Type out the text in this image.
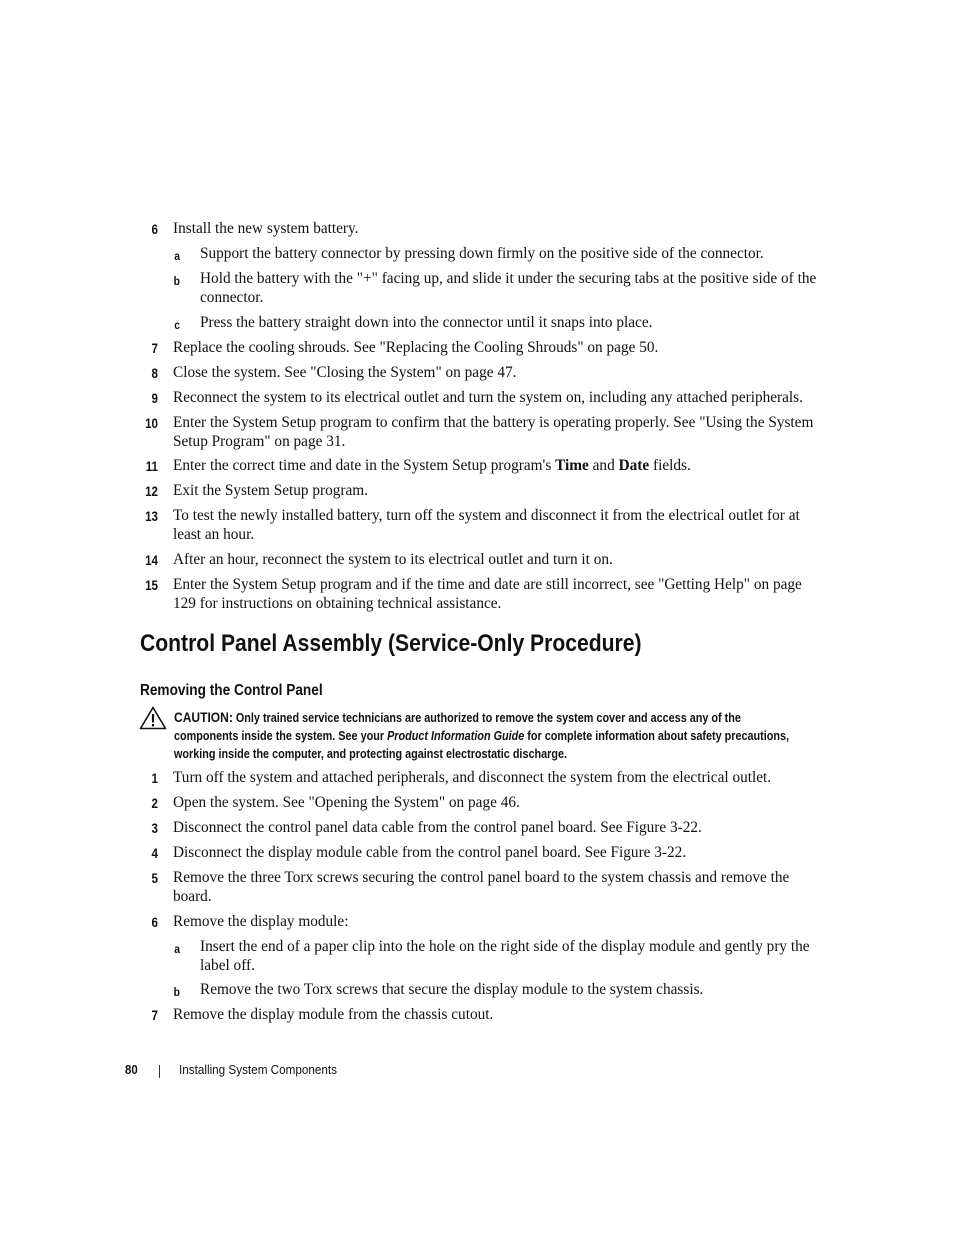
6 Install the new system battery.
a Support the battery connector by pressing down firmly on the positive side of the connector.
b Hold the battery with the "+" facing up, and slide it under the securing tabs at the positive side of the connector.
c Press the battery straight down into the connector until it snaps into place.
7 Replace the cooling shrouds. See "Replacing the Cooling Shrouds" on page 50.
8 Close the system. See "Closing the System" on page 47.
9 Reconnect the system to its electrical outlet and turn the system on, including any attached peripherals.
10 Enter the System Setup program to confirm that the battery is operating properly. See "Using the System Setup Program" on page 31.
11 Enter the correct time and date in the System Setup program's Time and Date fields.
12 Exit the System Setup program.
13 To test the newly installed battery, turn off the system and disconnect it from the electrical outlet for at least an hour.
14 After an hour, reconnect the system to its electrical outlet and turn it on.
15 Enter the System Setup program and if the time and date are still incorrect, see "Getting Help" on page 129 for instructions on obtaining technical assistance.
Control Panel Assembly (Service-Only Procedure)
Removing the Control Panel
CAUTION: Only trained service technicians are authorized to remove the system cover and access any of the components inside the system. See your Product Information Guide for complete information about safety precautions, working inside the computer, and protecting against electrostatic discharge.
1 Turn off the system and attached peripherals, and disconnect the system from the electrical outlet.
2 Open the system. See "Opening the System" on page 46.
3 Disconnect the control panel data cable from the control panel board. See Figure 3-22.
4 Disconnect the display module cable from the control panel board. See Figure 3-22.
5 Remove the three Torx screws securing the control panel board to the system chassis and remove the board.
6 Remove the display module:
a Insert the end of a paper clip into the hole on the right side of the display module and gently pry the label off.
b Remove the two Torx screws that secure the display module to the system chassis.
7 Remove the display module from the chassis cutout.
80	Installing System Components
